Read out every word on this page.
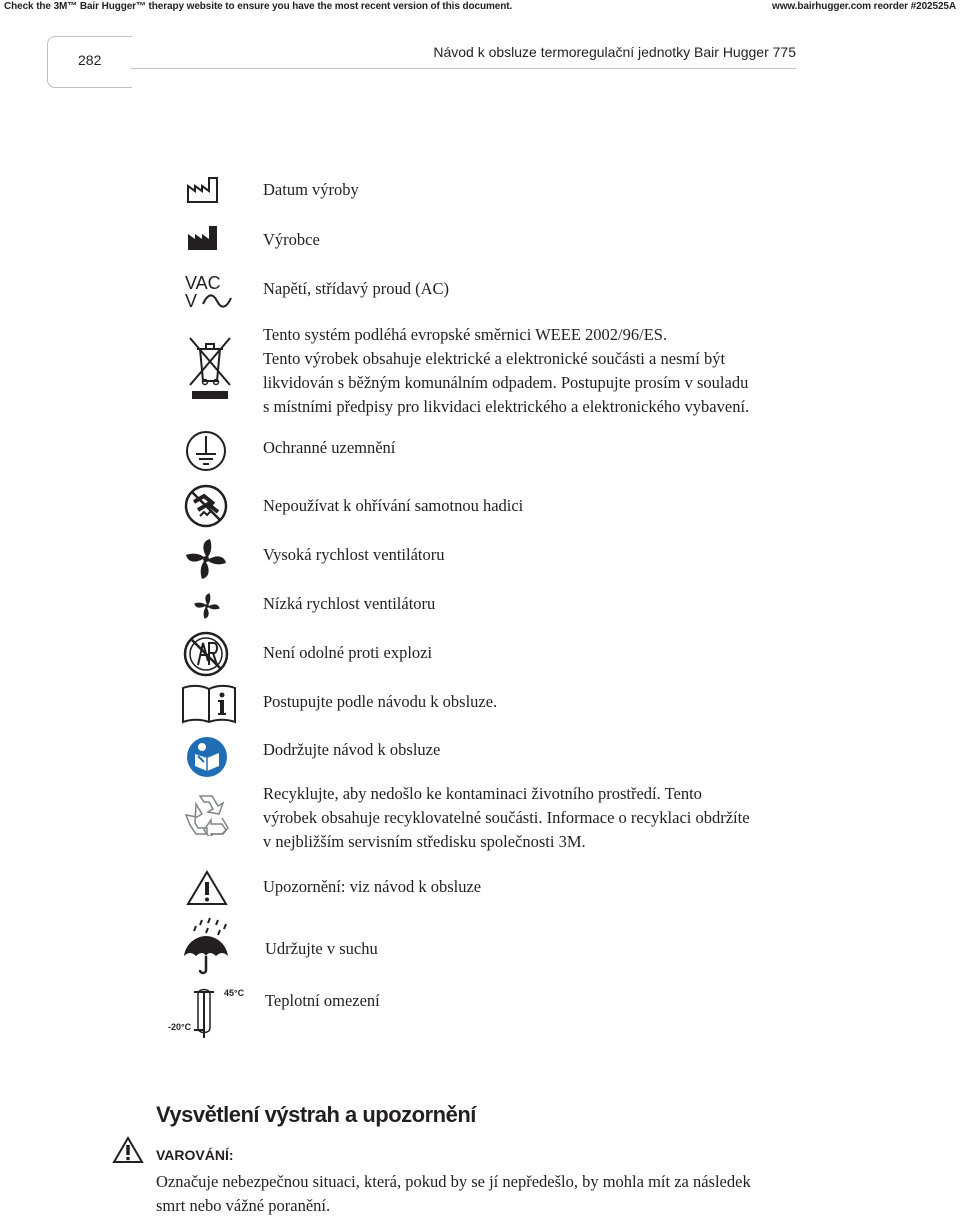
Check the 3M™ Bair Hugger™ therapy website to ensure you have the most recent version of this document.	www.bairhugger.com reorder #202525A
282	Návod k obsluze termoregulační jednotky Bair Hugger 775
Datum výroby
Výrobce
VAC
V
Napětí, střídavý proud (AC)
Tento systém podléhá evropské směrnici WEEE 2002/96/ES.
Tento výrobek obsahuje elektrické a elektronické součásti a nesmí být
likvidován s běžným komunálním odpadem. Postupujte prosím v souladu
s místními předpisy pro likvidaci elektrického a elektronického vybavení.
Ochranné uzemnění
Nepoužívat k ohřívání samotnou hadici
Vysoká rychlost ventilátoru
Nízká rychlost ventilátoru
Není odolné proti explozi
Postupujte podle návodu k obsluze.
Dodržujte návod k obsluze
Recyklujte, aby nedošlo ke kontaminaci životního prostředí. Tento
výrobek obsahuje recyklovatelné součásti. Informace o recyklaci obdržíte
v nejbližším servisním středisku společnosti 3M.
Upozornění: viz návod k obsluze
Udržujte v suchu
45°C
-20°C
Teplotní omezení
Vysvětlení výstrah a upozornění
VAROVÁNÍ:
Označuje nebezpečnou situaci, která, pokud by se jí nepředešlo, by mohla mít za následek
smrt nebo vážné poranění.
